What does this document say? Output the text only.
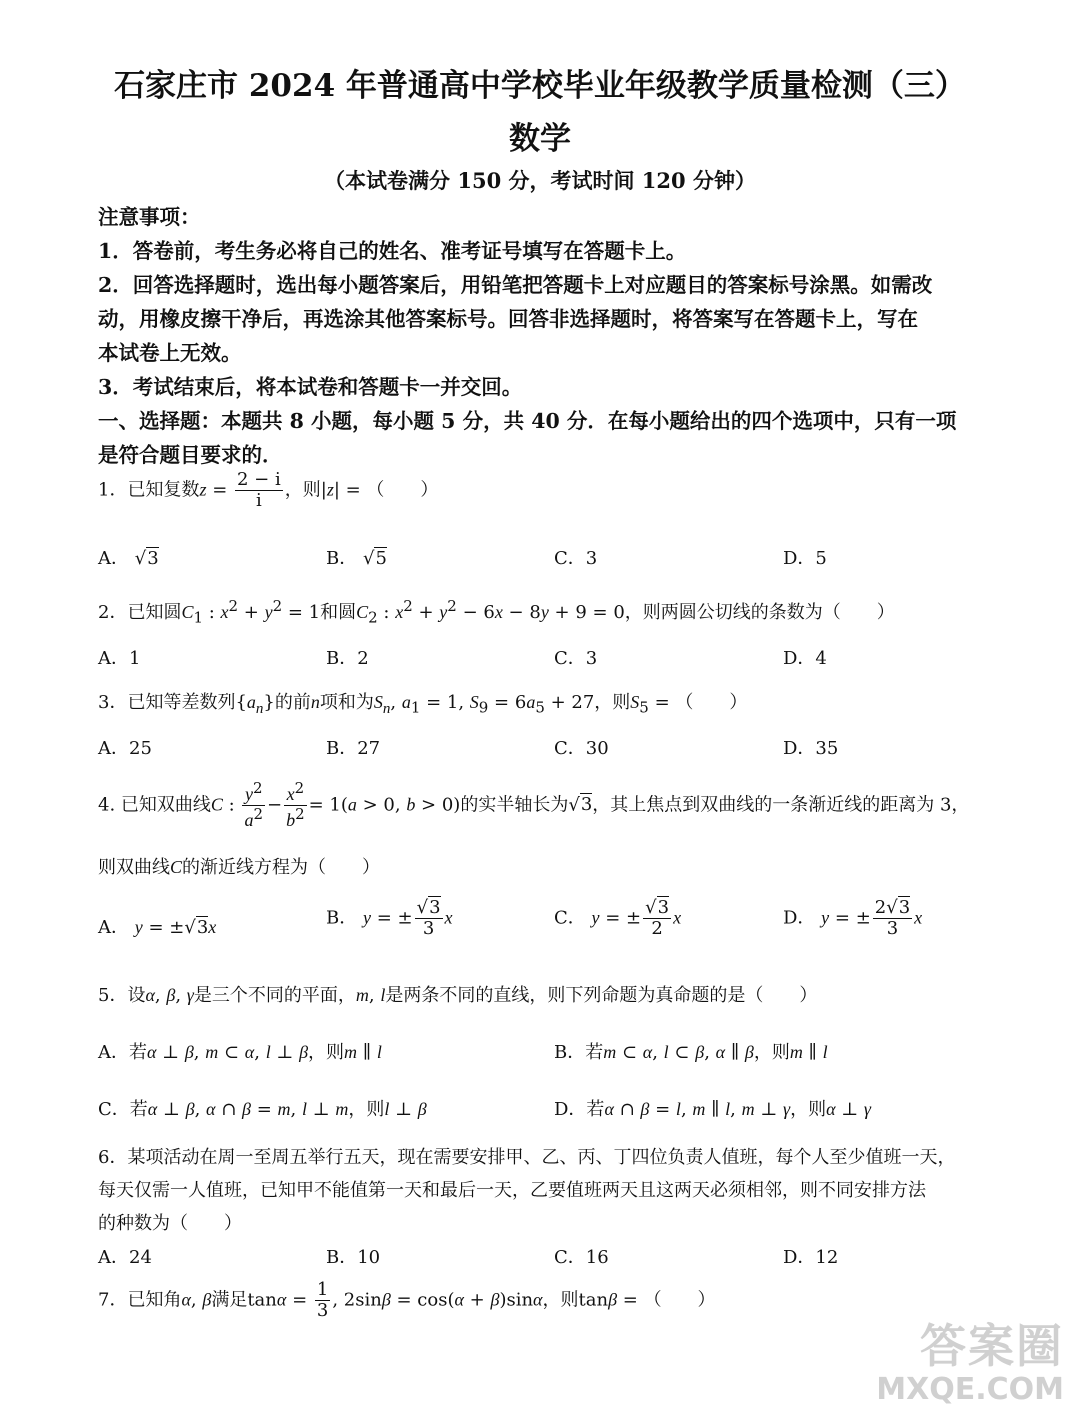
石家庄市 2024 年普通高中学校毕业年级教学质量检测（三）
数学
（本试卷满分 150 分，考试时间 120 分钟）
注意事项：
1．答卷前，考生务必将自己的姓名、准考证号填写在答题卡上。
2．回答选择题时，选出每小题答案后，用铅笔把答题卡上对应题目的答案标号涂黑。如需改
动，用橡皮擦干净后，再选涂其他答案标号。回答非选择题时，将答案写在答题卡上，写在
本试卷上无效。
3．考试结束后，将本试卷和答题卡一并交回。
一、选择题：本题共 8 小题，每小题 5 分，共 40 分．在每小题给出的四个选项中，只有一项
是符合题目要求的．
1．已知复数$z = \frac{2 - i}{i}$ ，则|z| = （　　）
A． √3	B． √5	C．3	D．5
2．已知圆$C_1$ : $x^2 + y^2 = 1$和圆$C_2$ : $x^2 + y^2 - 6x - 8y + 9 = 0$，则两圆公切线的条数为（　　）
A．1	B．2	C．3	D．4
3．已知等差数列$\{a_n\}$的前n项和为$S_n$, $a_1 = 1$, $S_9 = 6a_5 + 27$，则$S_5$ = （　　）
A．25	B．27	C．30	D．35
4. 已知双曲线C : $\frac{y^2}{a^2} - \frac{x^2}{b^2} = 1(a > 0$, b > 0)的实半轴长为√3，其上焦点到双曲线的一条渐近线的距离为 3，
则双曲线C的渐近线方程为（　　）
A． y = ±√3x	B． y = ± $\frac{√3}{3}$ x	C． y = ± $\frac{√3}{2}$ x	D． y = ± $\frac{2√3}{3}$ x
5．设α, β, γ是三个不同的平面，m, l是两条不同的直线，则下列命题为真命题的是（　　）
A．若α ⊥ β, m ⊂ α, l ⊥ β，则m ∥ l	B．若m ⊂ α, l ⊂ β, α ∥ β，则m ∥ l
C．若α ⊥ β, α ∩ β = m, l ⊥ m，则l ⊥ β	D．若α ∩ β = l, m ∥ l, m ⊥ γ，则α ⊥ γ
6．某项活动在周一至周五举行五天，现在需要安排甲、乙、丙、丁四位负责人值班，每个人至少值班一天，
每天仅需一人值班，已知甲不能值第一天和最后一天，乙要值班两天且这两天必须相邻，则不同安排方法
的种数为（　　）
A．24	B．10	C．16	D．12
7．已知角α, β满足$\tan\alpha = \frac{1}{3}$ , 2sinβ = cos(α + β)sinα，则tanβ = （　　）
答案圈
MXQE.COM
